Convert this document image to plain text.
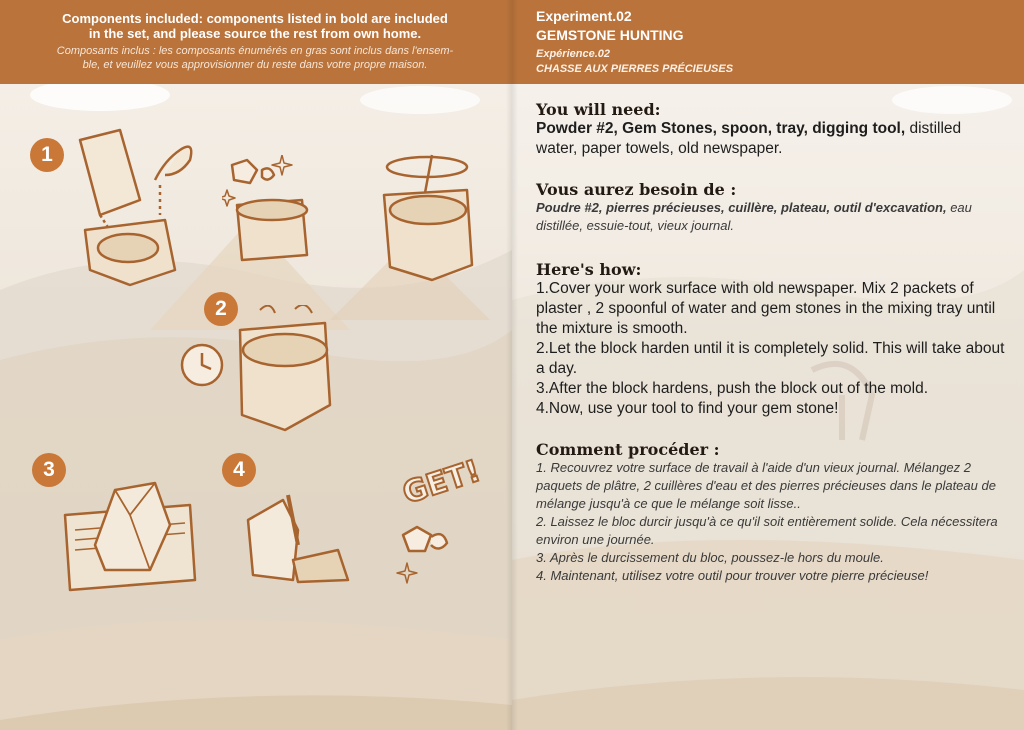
Components included: components listed in bold are included
in the set, and please source the rest from own home.
Composants inclus : les composants énumérés en gras sont inclus dans l'ensem-
ble, et veuillez vous approvisionner du reste dans votre propre maison.
1
2
3	4	GET!
Experiment.02
GEMSTONE HUNTING
Expérience.02
CHASSE AUX PIERRES PRÉCIEUSES

You will need:

Powder #2, Gem Stones, spoon, tray, digging tool, distilled water, paper towels, old newspaper.

Vous aurez besoin de :

Poudre #2, pierres précieuses, cuillère, plateau, outil d'excavation, eau distillée, essuie-tout, vieux journal.

Here's how:

1.Cover your work surface with old newspaper. Mix 2 packets of plaster , 2 spoonful of water and gem stones in the mixing tray until the mixture is smooth.

2.Let the block harden until it is completely solid. This will take about a day.

3.After the block hardens, push the block out of the mold.

4.Now, use your tool to find your gem stone!

Comment procéder :

1. Recouvrez votre surface de travail à l'aide d'un vieux journal. Mélangez 2 paquets de plâtre, 2 cuillères d'eau et des pierres précieuses dans le plateau de mélange jusqu'à ce que le mélange soit lisse..

2. Laissez le bloc durcir jusqu'à ce qu'il soit entièrement solide. Cela nécessitera environ une journée.

3. Après le durcissement du bloc, poussez-le hors du moule.

4. Maintenant, utilisez votre outil pour trouver votre pierre précieuse!
